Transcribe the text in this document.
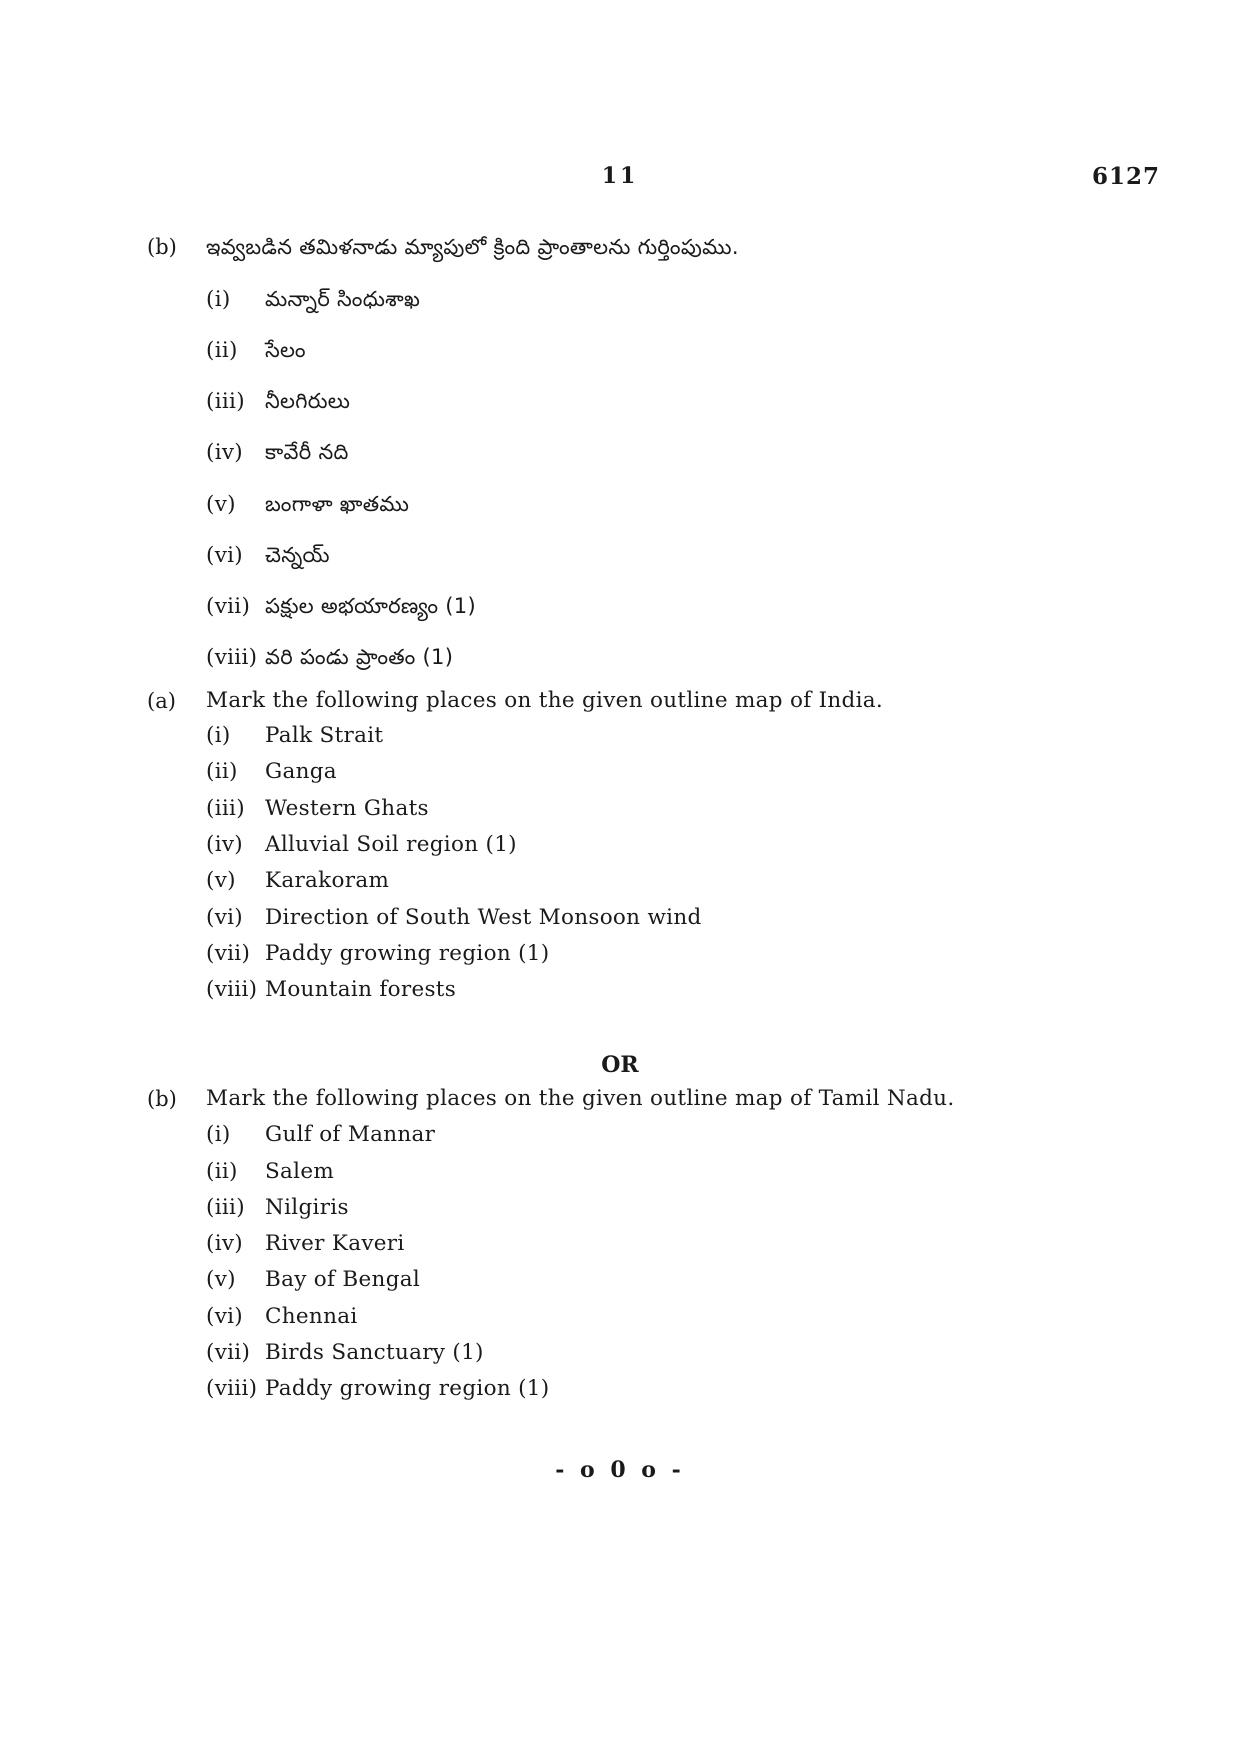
11	6127
(b) ఇవ్వబడిన తమిళనాడు మ్యాపులో క్రింది ప్రాంతాలను గుర్తింపుము.
(i) మన్నార్ సింధుశాఖ
(ii) సేలం
(iii) నీలగిరులు
(iv) కావేరీ నది
(v) బంగాళా ఖాతము
(vi) చెన్నయ్
(vii) పక్షుల అభయారణ్యం (1)
(viii) వరి పండు ప్రాంతం (1)
(a) Mark the following places on the given outline map of India.
(i) Palk Strait
(ii) Ganga
(iii) Western Ghats
(iv) Alluvial Soil region (1)
(v) Karakoram
(vi) Direction of South West Monsoon wind
(vii) Paddy growing region (1)
(viii) Mountain forests
OR
(b) Mark the following places on the given outline map of Tamil Nadu.
(i) Gulf of Mannar
(ii) Salem
(iii) Nilgiris
(iv) River Kaveri
(v) Bay of Bengal
(vi) Chennai
(vii) Birds Sanctuary (1)
(viii) Paddy growing region (1)
- o 0 o -
